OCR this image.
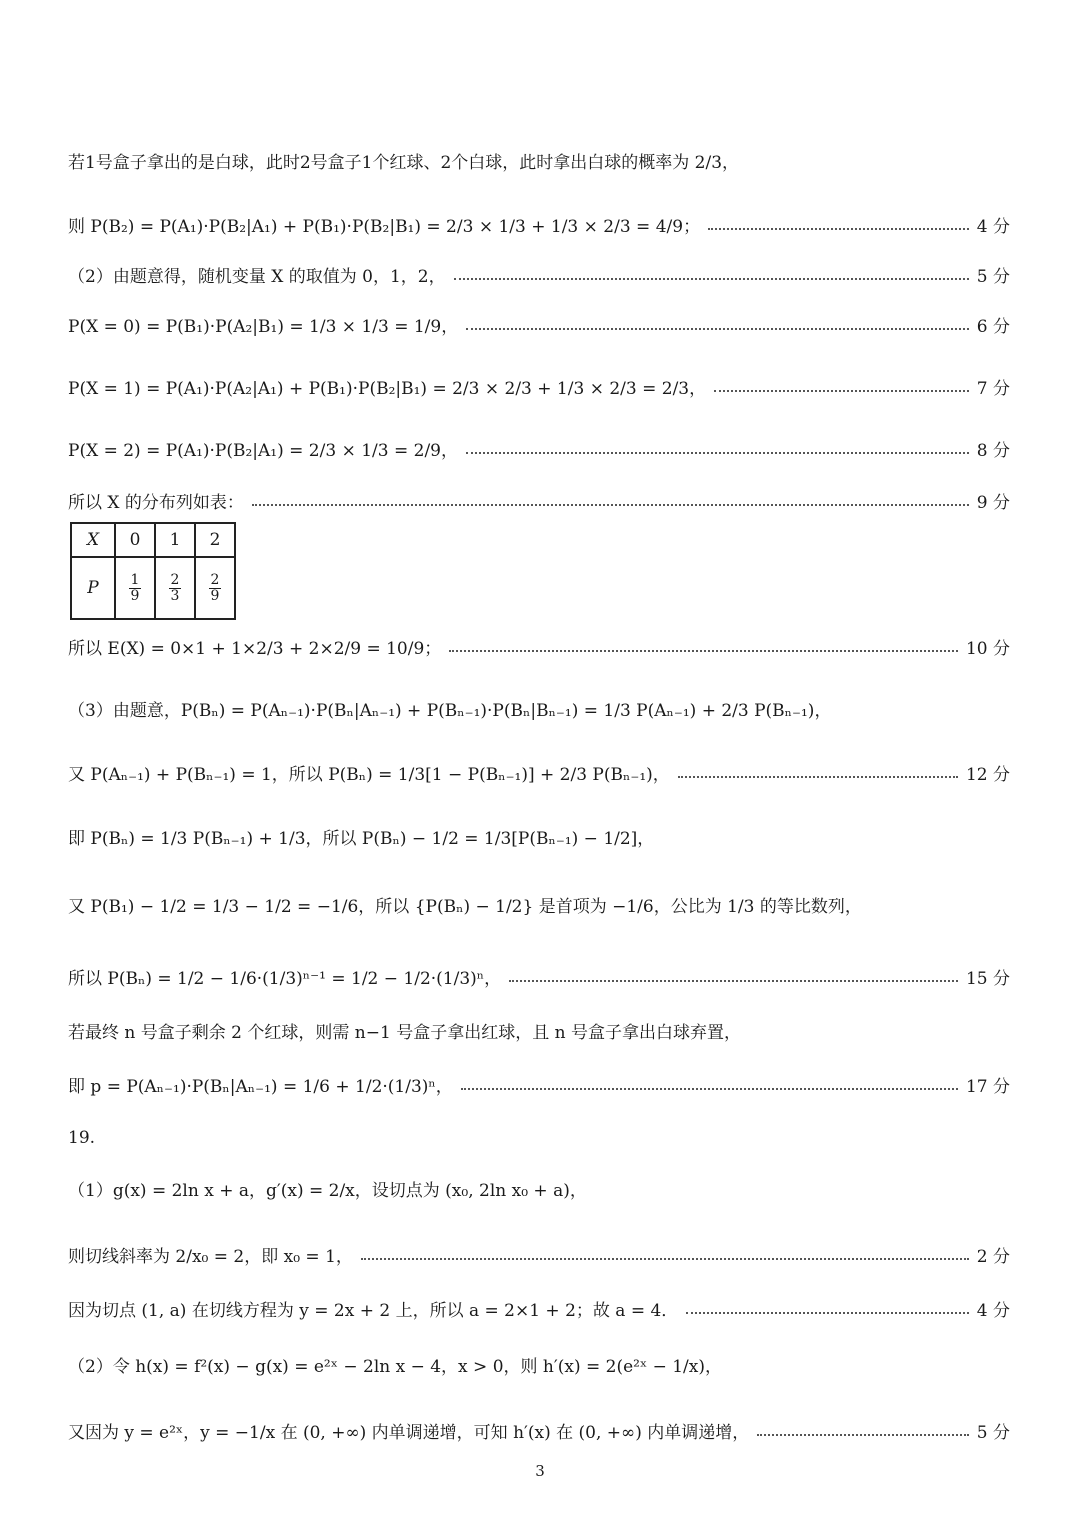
若1号盒子拿出的是白球，此时2号盒子1个红球、2个白球，此时拿出白球的概率为 2/3，
则 P(B₂) = P(A₁)·P(B₂|A₁) + P(B₁)·P(B₂|B₁) = 2/3 × 1/3 + 1/3 × 2/3 = 4/9；	4 分
（2）由题意得，随机变量 X 的取值为 0，1，2，	5 分
P(X = 0) = P(B₁)·P(A₂|B₁) = 1/3 × 1/3 = 1/9，	6 分
P(X = 1) = P(A₁)·P(A₂|A₁) + P(B₁)·P(B₂|B₁) = 2/3 × 2/3 + 1/3 × 2/3 = 2/3，	7 分
P(X = 2) = P(A₁)·P(B₂|A₁) = 2/3 × 1/3 = 2/9，	8 分
所以 X 的分布列如表：	9 分
X	0	1	2
P	$\frac{1}{9}$	$\frac{2}{3}$	$\frac{2}{9}$
所以 E(X) = 0×1 + 1×2/3 + 2×2/9 = 10/9；	10 分
（3）由题意，P(Bₙ) = P(Aₙ₋₁)·P(Bₙ|Aₙ₋₁) + P(Bₙ₋₁)·P(Bₙ|Bₙ₋₁) = 1/3 P(Aₙ₋₁) + 2/3 P(Bₙ₋₁)，
又 P(Aₙ₋₁) + P(Bₙ₋₁) = 1，所以 P(Bₙ) = 1/3[1 − P(Bₙ₋₁)] + 2/3 P(Bₙ₋₁)，	12 分
即 P(Bₙ) = 1/3 P(Bₙ₋₁) + 1/3，所以 P(Bₙ) − 1/2 = 1/3[P(Bₙ₋₁) − 1/2]，
又 P(B₁) − 1/2 = 1/3 − 1/2 = −1/6，所以 {P(Bₙ) − 1/2} 是首项为 −1/6，公比为 1/3 的等比数列，
所以 P(Bₙ) = 1/2 − 1/6·(1/3)ⁿ⁻¹ = 1/2 − 1/2·(1/3)ⁿ，	15 分
若最终 n 号盒子剩余 2 个红球，则需 n−1 号盒子拿出红球，且 n 号盒子拿出白球弃置，
即 p = P(Aₙ₋₁)·P(Bₙ|Aₙ₋₁) = 1/6 + 1/2·(1/3)ⁿ，	17 分
19.
（1）g(x) = 2ln x + a，g′(x) = 2/x，设切点为 (x₀, 2ln x₀ + a)，
则切线斜率为 2/x₀ = 2，即 x₀ = 1，	2 分
因为切点 (1, a) 在切线方程为 y = 2x + 2 上，所以 a = 2×1 + 2；故 a = 4．	4 分
（2）令 h(x) = f²(x) − g(x) = e²ˣ − 2ln x − 4，x > 0，则 h′(x) = 2(e²ˣ − 1/x)，
又因为 y = e²ˣ，y = −1/x 在 (0, +∞) 内单调递增，可知 h′(x) 在 (0, +∞) 内单调递增，	5 分
3
